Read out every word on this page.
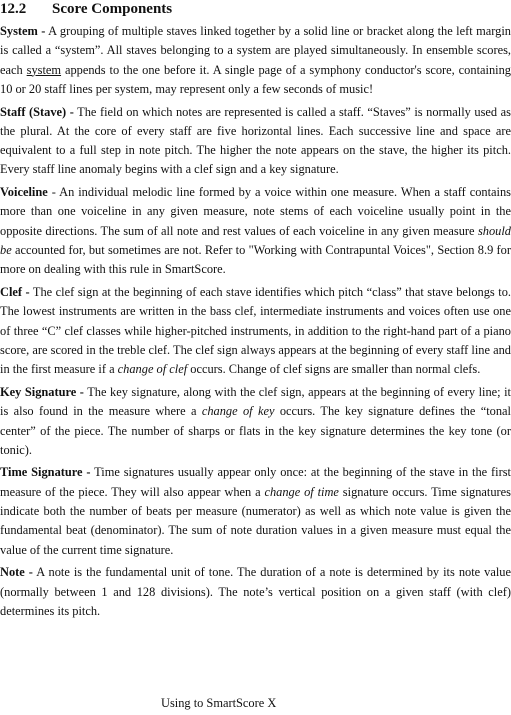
12.2 Score Components

System - A grouping of multiple staves linked together by a solid line or bracket along the left margin is called a “system”. All staves belonging to a system are played simultaneously. In ensemble scores, each system appends to the one before it. A single page of a symphony conductor's score, containing 10 or 20 staff lines per system, may represent only a few seconds of music!

Staff (Stave) - The field on which notes are represented is called a staff. “Staves” is normally used as the plural. At the core of every staff are five horizontal lines. Each successive line and space are equivalent to a full step in note pitch. The higher the note appears on the stave, the higher its pitch. Every staff line anomaly begins with a clef sign and a key signature.

Voiceline - An individual melodic line formed by a voice within one measure. When a staff contains more than one voiceline in any given measure, note stems of each voiceline usually point in the opposite directions. The sum of all note and rest values of each voiceline in any given measure should be accounted for, but sometimes are not. Refer to "Working with Contrapuntal Voices", Section 8.9 for more on dealing with this rule in SmartScore.

Clef - The clef sign at the beginning of each stave identifies which pitch “class” that stave belongs to. The lowest instruments are written in the bass clef, intermediate instruments and voices often use one of three “C” clef classes while higher-pitched instruments, in addition to the right-hand part of a piano score, are scored in the treble clef. The clef sign always appears at the beginning of every staff line and in the first measure if a change of clef occurs. Change of clef signs are smaller than normal clefs.

Key Signature - The key signature, along with the clef sign, appears at the beginning of every line; it is also found in the measure where a change of key occurs. The key signature defines the “tonal center” of the piece. The number of sharps or flats in the key signature determines the key tone (or tonic).

Time Signature - Time signatures usually appear only once: at the beginning of the stave in the first measure of the piece. They will also appear when a change of time signature occurs. Time signatures indicate both the number of beats per measure (numerator) as well as which note value is given the fundamental beat (denominator). The sum of note duration values in a given measure must equal the value of the current time signature.

Note - A note is the fundamental unit of tone. The duration of a note is determined by its note value (normally between 1 and 128 divisions). The note’s vertical position on a given staff (with clef) determines its pitch.

Using to SmartScore X
